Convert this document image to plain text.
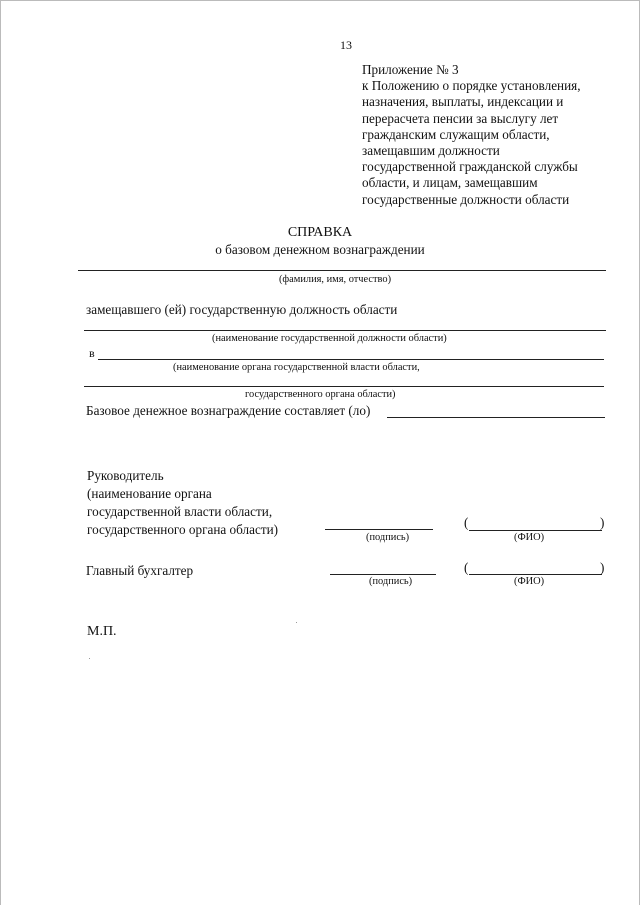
13
Приложение № 3
к Положению о порядке установления,
назначения, выплаты, индексации и
перерасчета пенсии за выслугу лет
гражданским служащим области,
замещавшим должности
государственной гражданской службы
области, и лицам, замещавшим
государственные должности области
СПРАВКА
о базовом денежном вознаграждении
(фамилия, имя, отчество)
замещавшего (ей) государственную должность области
(наименование государственной должности области)
в
(наименование органа государственной власти области,
государственного органа области)
Базовое денежное вознаграждение составляет (ло)
Руководитель
(наименование органа
государственной власти области,
государственного органа области)
(подпись)
(	)
(ФИО)
Главный бухгалтер
(подпись)
(	)
(ФИО)
М.П.
